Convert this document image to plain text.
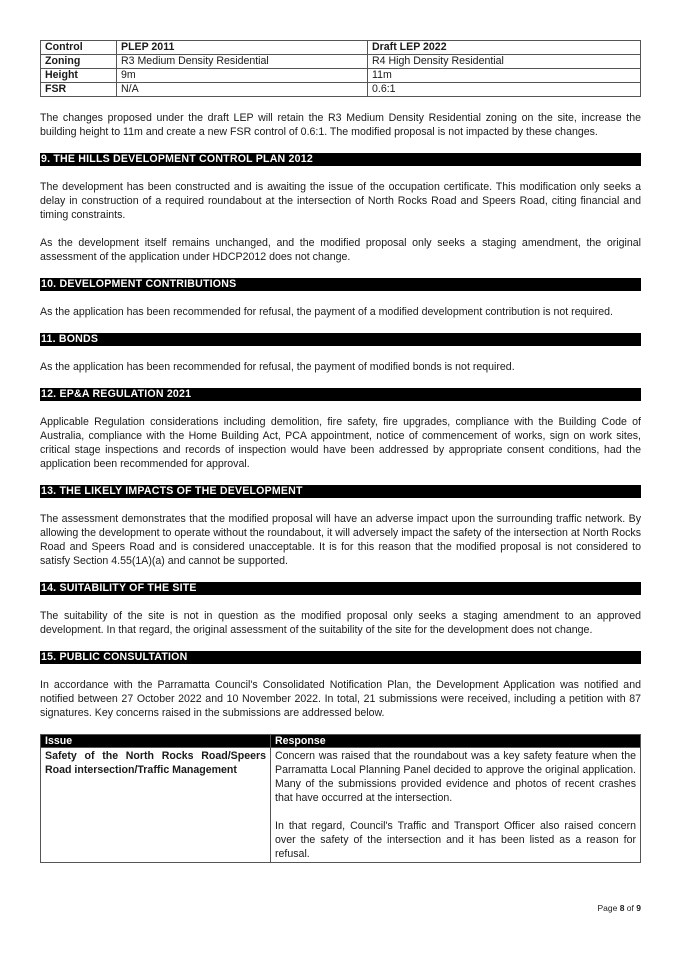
Control	PLEP 2011	Draft LEP 2022
Zoning	R3 Medium Density Residential	R4 High Density Residential
Height	9m	11m
FSR	N/A	0.6:1

The changes proposed under the draft LEP will retain the R3 Medium Density Residential zoning on the site, increase the building height to 11m and create a new FSR control of 0.6:1. The modified proposal is not impacted by these changes.

9. THE HILLS DEVELOPMENT CONTROL PLAN 2012

The development has been constructed and is awaiting the issue of the occupation certificate. This modification only seeks a delay in construction of a required roundabout at the intersection of North Rocks Road and Speers Road, citing financial and timing constraints.

As the development itself remains unchanged, and the modified proposal only seeks a staging amendment, the original assessment of the application under HDCP2012 does not change.

10. DEVELOPMENT CONTRIBUTIONS

As the application has been recommended for refusal, the payment of a modified development contribution is not required.

11. BONDS

As the application has been recommended for refusal, the payment of modified bonds is not required.

12. EP&A REGULATION 2021

Applicable Regulation considerations including demolition, fire safety, fire upgrades, compliance with the Building Code of Australia, compliance with the Home Building Act, PCA appointment, notice of commencement of works, sign on work sites, critical stage inspections and records of inspection would have been addressed by appropriate consent conditions, had the application been recommended for approval.

13. THE LIKELY IMPACTS OF THE DEVELOPMENT

The assessment demonstrates that the modified proposal will have an adverse impact upon the surrounding traffic network. By allowing the development to operate without the roundabout, it will adversely impact the safety of the intersection at North Rocks Road and Speers Road and is considered unacceptable. It is for this reason that the modified proposal is not considered to satisfy Section 4.55(1A)(a) and cannot be supported.

14. SUITABILITY OF THE SITE

The suitability of the site is not in question as the modified proposal only seeks a staging amendment to an approved development. In that regard, the original assessment of the suitability of the site for the development does not change.

15. PUBLIC CONSULTATION

In accordance with the Parramatta Council's Consolidated Notification Plan, the Development Application was notified and notified between 27 October 2022 and 10 November 2022. In total, 21 submissions were received, including a petition with 87 signatures. Key concerns raised in the submissions are addressed below.

Issue	Response
Safety of the North Rocks Road/Speers Road intersection/Traffic Management	Concern was raised that the roundabout was a key safety feature when the Parramatta Local Planning Panel decided to approve the original application. Many of the submissions provided evidence and photos of recent crashes that have occurred at the intersection.

In that regard, Council's Traffic and Transport Officer also raised concern over the safety of the intersection and it has been listed as a reason for refusal.

Page 8 of 9
